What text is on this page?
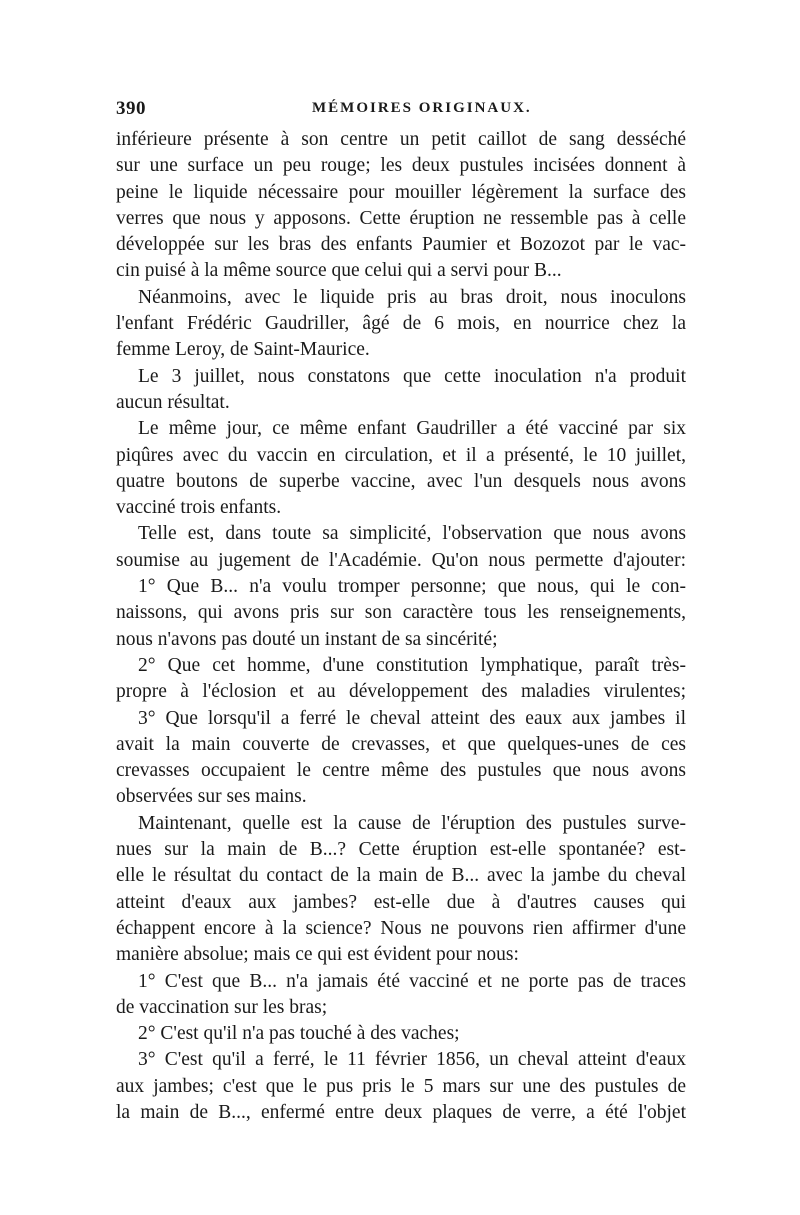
390	MÉMOIRES ORIGINAUX.
inférieure présente à son centre un petit caillot de sang desséché
sur une surface un peu rouge; les deux pustules incisées donnent à
peine le liquide nécessaire pour mouiller légèrement la surface des
verres que nous y apposons. Cette éruption ne ressemble pas à celle
développée sur les bras des enfants Paumier et Bozozot par le vac-
cin puisé à la même source que celui qui a servi pour B...
Néanmoins, avec le liquide pris au bras droit, nous inoculons
l'enfant Frédéric Gaudriller, âgé de 6 mois, en nourrice chez la
femme Leroy, de Saint-Maurice.
Le 3 juillet, nous constatons que cette inoculation n'a produit
aucun résultat.
Le même jour, ce même enfant Gaudriller a été vacciné par six
piqûres avec du vaccin en circulation, et il a présenté, le 10 juillet,
quatre boutons de superbe vaccine, avec l'un desquels nous avons
vacciné trois enfants.
Telle est, dans toute sa simplicité, l'observation que nous avons
soumise au jugement de l'Académie. Qu'on nous permette d'ajouter:
1° Que B... n'a voulu tromper personne; que nous, qui le con-
naissons, qui avons pris sur son caractère tous les renseignements,
nous n'avons pas douté un instant de sa sincérité;
2° Que cet homme, d'une constitution lymphatique, paraît très-
propre à l'éclosion et au développement des maladies virulentes;
3° Que lorsqu'il a ferré le cheval atteint des eaux aux jambes il
avait la main couverte de crevasses, et que quelques-unes de ces
crevasses occupaient le centre même des pustules que nous avons
observées sur ses mains.
Maintenant, quelle est la cause de l'éruption des pustules surve-
nues sur la main de B...? Cette éruption est-elle spontanée? est-
elle le résultat du contact de la main de B... avec la jambe du cheval
atteint d'eaux aux jambes? est-elle due à d'autres causes qui
échappent encore à la science? Nous ne pouvons rien affirmer d'une
manière absolue; mais ce qui est évident pour nous:
1° C'est que B... n'a jamais été vacciné et ne porte pas de traces
de vaccination sur les bras;
2° C'est qu'il n'a pas touché à des vaches;
3° C'est qu'il a ferré, le 11 février 1856, un cheval atteint d'eaux
aux jambes; c'est que le pus pris le 5 mars sur une des pustules de
la main de B..., enfermé entre deux plaques de verre, a été l'objet
